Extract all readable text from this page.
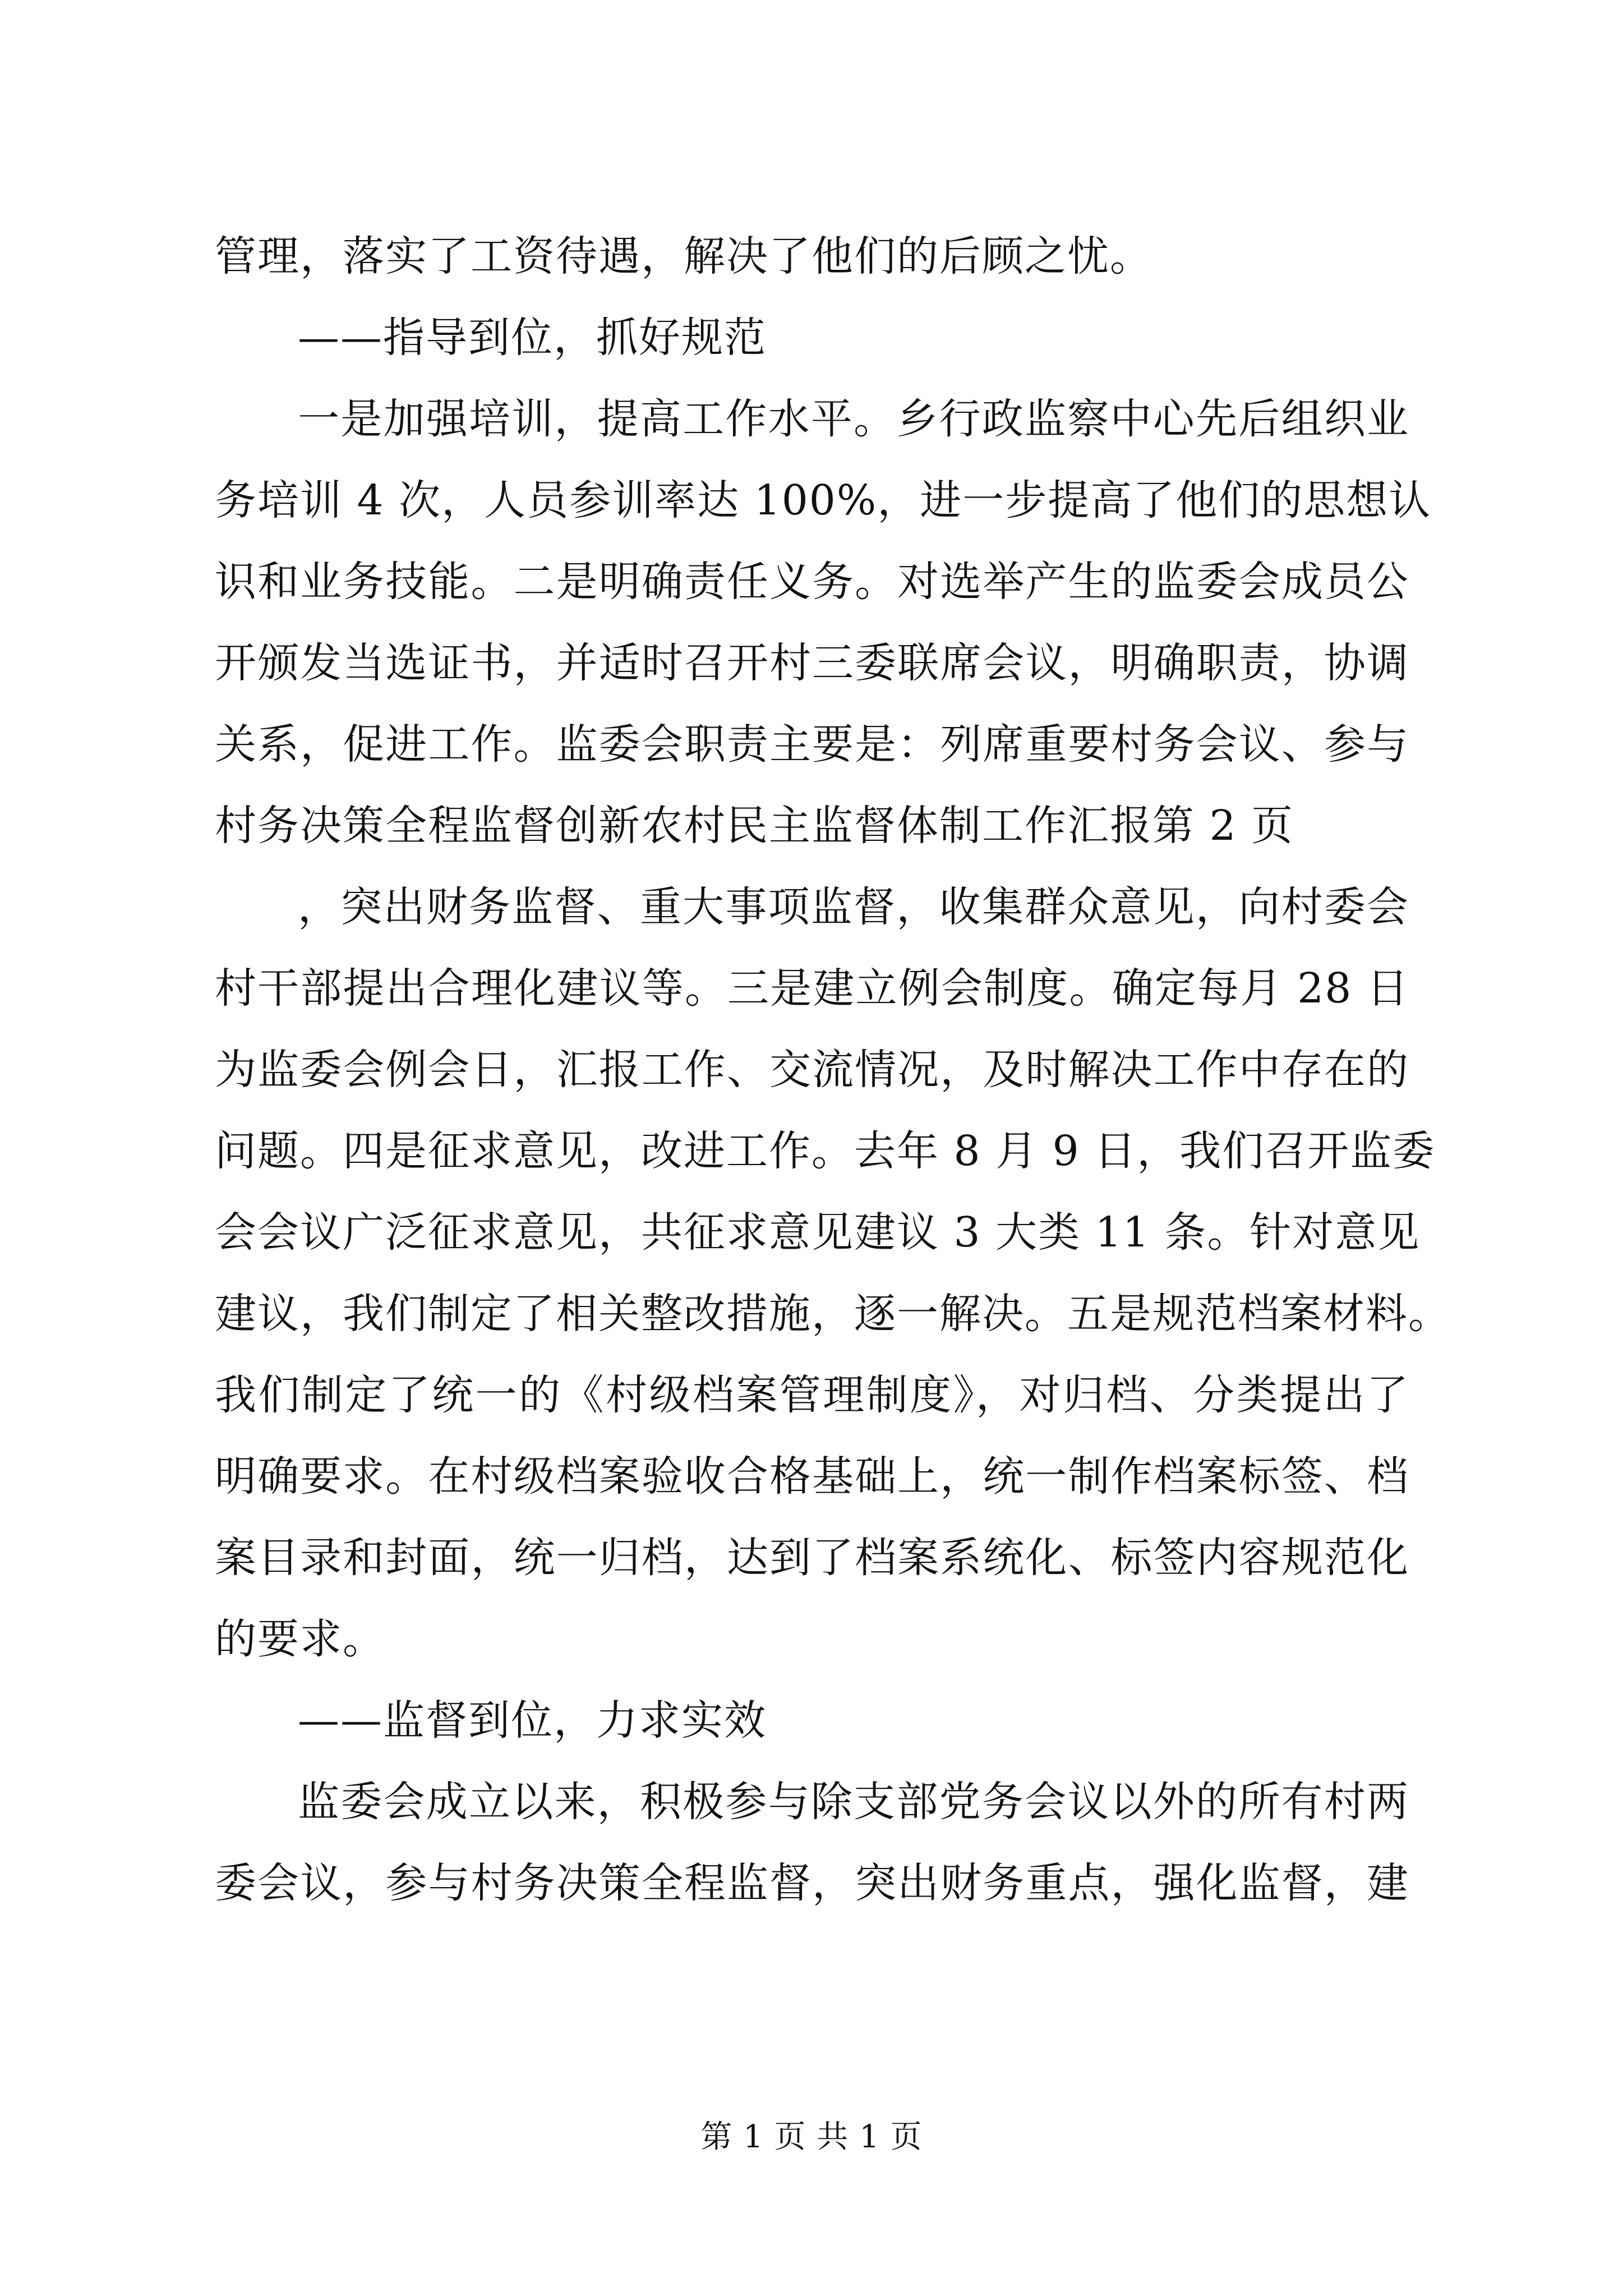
管理，落实了工资待遇，解决了他们的后顾之忧。
——指导到位，抓好规范
一是加强培训，提高工作水平。乡行政监察中心先后组织业
务培训 4 次，人员参训率达 100%，进一步提高了他们的思想认
识和业务技能。二是明确责任义务。对选举产生的监委会成员公
开颁发当选证书，并适时召开村三委联席会议，明确职责，协调
关系，促进工作。监委会职责主要是：列席重要村务会议、参与
村务决策全程监督创新农村民主监督体制工作汇报第 2 页
，突出财务监督、重大事项监督，收集群众意见，向村委会
村干部提出合理化建议等。三是建立例会制度。确定每月 28 日
为监委会例会日，汇报工作、交流情况，及时解决工作中存在的
问题。四是征求意见，改进工作。去年 8 月 9 日，我们召开监委
会会议广泛征求意见，共征求意见建议 3 大类 11 条。针对意见
建议，我们制定了相关整改措施，逐一解决。五是规范档案材料。
我们制定了统一的《村级档案管理制度》，对归档、分类提出了
明确要求。在村级档案验收合格基础上，统一制作档案标签、档
案目录和封面，统一归档，达到了档案系统化、标签内容规范化
的要求。
——监督到位，力求实效
监委会成立以来，积极参与除支部党务会议以外的所有村两
委会议，参与村务决策全程监督，突出财务重点，强化监督，建
第 1 页 共 1 页
